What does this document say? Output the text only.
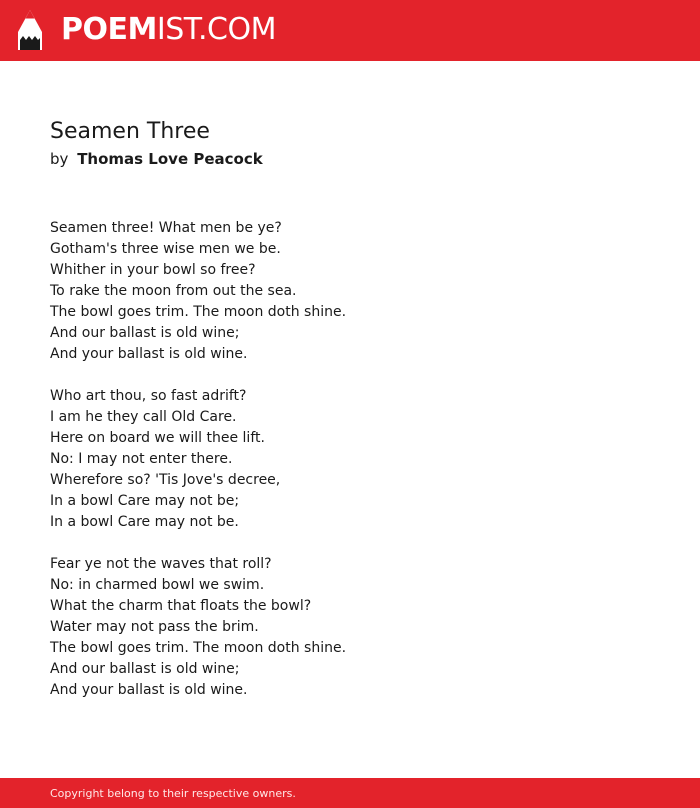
POEMIST.COM
Seamen Three
by Thomas Love Peacock
Seamen three! What men be ye?
Gotham's three wise men we be.
Whither in your bowl so free?
To rake the moon from out the sea.
The bowl goes trim. The moon doth shine.
And our ballast is old wine;
And your ballast is old wine.
Who art thou, so fast adrift?
I am he they call Old Care.
Here on board we will thee lift.
No: I may not enter there.
Wherefore so? 'Tis Jove's decree,
In a bowl Care may not be;
In a bowl Care may not be.
Fear ye not the waves that roll?
No: in charmed bowl we swim.
What the charm that floats the bowl?
Water may not pass the brim.
The bowl goes trim. The moon doth shine.
And our ballast is old wine;
And your ballast is old wine.
Copyright belong to their respective owners.
